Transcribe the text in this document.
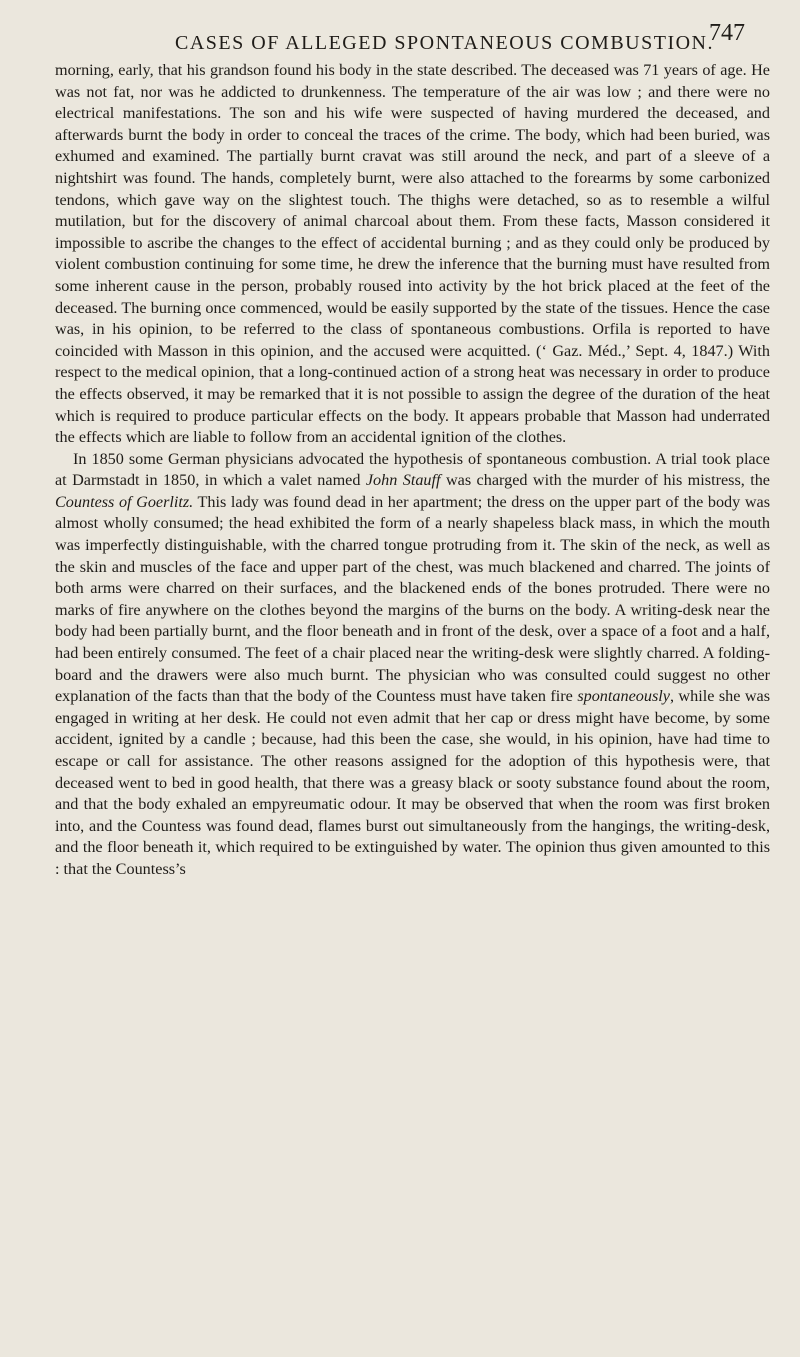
CASES OF ALLEGED SPONTANEOUS COMBUSTION.
747

morning, early, that his grandson found his body in the state described. The deceased was 71 years of age. He was not fat, nor was he addicted to drunkenness. The temperature of the air was low ; and there were no electrical manifestations. The son and his wife were suspected of having murdered the deceased, and afterwards burnt the body in order to conceal the traces of the crime. The body, which had been buried, was exhumed and examined. The partially burnt cravat was still around the neck, and part of a sleeve of a nightshirt was found. The hands, completely burnt, were also attached to the forearms by some carbonized tendons, which gave way on the slightest touch. The thighs were detached, so as to resemble a wilful mutilation, but for the discovery of animal charcoal about them. From these facts, Masson considered it impossible to ascribe the changes to the effect of accidental burning ; and as they could only be produced by violent combustion continuing for some time, he drew the inference that the burning must have resulted from some inherent cause in the person, probably roused into activity by the hot brick placed at the feet of the deceased. The burning once commenced, would be easily supported by the state of the tissues. Hence the case was, in his opinion, to be referred to the class of spontaneous combustions. Orfila is reported to have coincided with Masson in this opinion, and the accused were acquitted. (‘ Gaz. Méd.,’ Sept. 4, 1847.) With respect to the medical opinion, that a long-continued action of a strong heat was necessary in order to produce the effects observed, it may be remarked that it is not possible to assign the degree of the duration of the heat which is required to produce particular effects on the body. It appears probable that Masson had underrated the effects which are liable to follow from an accidental ignition of the clothes.

In 1850 some German physicians advocated the hypothesis of spontaneous combustion. A trial took place at Darmstadt in 1850, in which a valet named John Stauff was charged with the murder of his mistress, the Countess of Goerlitz. This lady was found dead in her apartment; the dress on the upper part of the body was almost wholly consumed; the head exhibited the form of a nearly shapeless black mass, in which the mouth was imperfectly distinguishable, with the charred tongue protruding from it. The skin of the neck, as well as the skin and muscles of the face and upper part of the chest, was much blackened and charred. The joints of both arms were charred on their surfaces, and the blackened ends of the bones protruded. There were no marks of fire anywhere on the clothes beyond the margins of the burns on the body. A writing-desk near the body had been partially burnt, and the floor beneath and in front of the desk, over a space of a foot and a half, had been entirely consumed. The feet of a chair placed near the writing-desk were slightly charred. A folding-board and the drawers were also much burnt. The physician who was consulted could suggest no other explanation of the facts than that the body of the Countess must have taken fire spontaneously, while she was engaged in writing at her desk. He could not even admit that her cap or dress might have become, by some accident, ignited by a candle ; because, had this been the case, she would, in his opinion, have had time to escape or call for assistance. The other reasons assigned for the adoption of this hypothesis were, that deceased went to bed in good health, that there was a greasy black or sooty substance found about the room, and that the body exhaled an empyreumatic odour. It may be observed that when the room was first broken into, and the Countess was found dead, flames burst out simultaneously from the hangings, the writing-desk, and the floor beneath it, which required to be extinguished by water. The opinion thus given amounted to this : that the Countess’s
